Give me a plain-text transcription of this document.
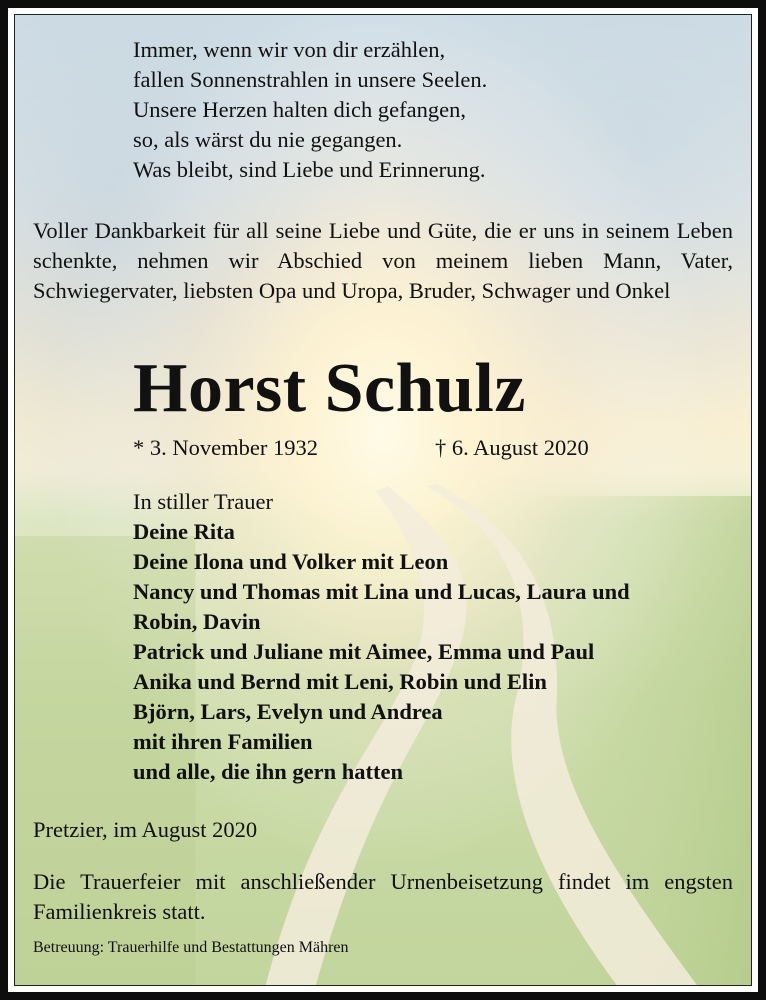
Immer, wenn wir von dir erzählen,
fallen Sonnenstrahlen in unsere Seelen.
Unsere Herzen halten dich gefangen,
so, als wärst du nie gegangen.
Was bleibt, sind Liebe und Erinnerung.
Voller Dankbarkeit für all seine Liebe und Güte, die er uns in seinem Leben schenkte, nehmen wir Abschied von meinem lieben Mann, Vater, Schwiegervater, liebsten Opa und Uropa, Bruder, Schwager und Onkel
Horst Schulz
* 3. November 1932	† 6. August 2020
In stiller Trauer
Deine Rita
Deine Ilona und Volker mit Leon
Nancy und Thomas mit Lina und Lucas, Laura und
Robin, Davin
Patrick und Juliane mit Aimee, Emma und Paul
Anika und Bernd mit Leni, Robin und Elin
Björn, Lars, Evelyn und Andrea
mit ihren Familien
und alle, die ihn gern hatten
Pretzier, im August 2020
Die Trauerfeier mit anschließender Urnenbeisetzung findet im engsten Familienkreis statt.
Betreuung: Trauerhilfe und Bestattungen Mähren
